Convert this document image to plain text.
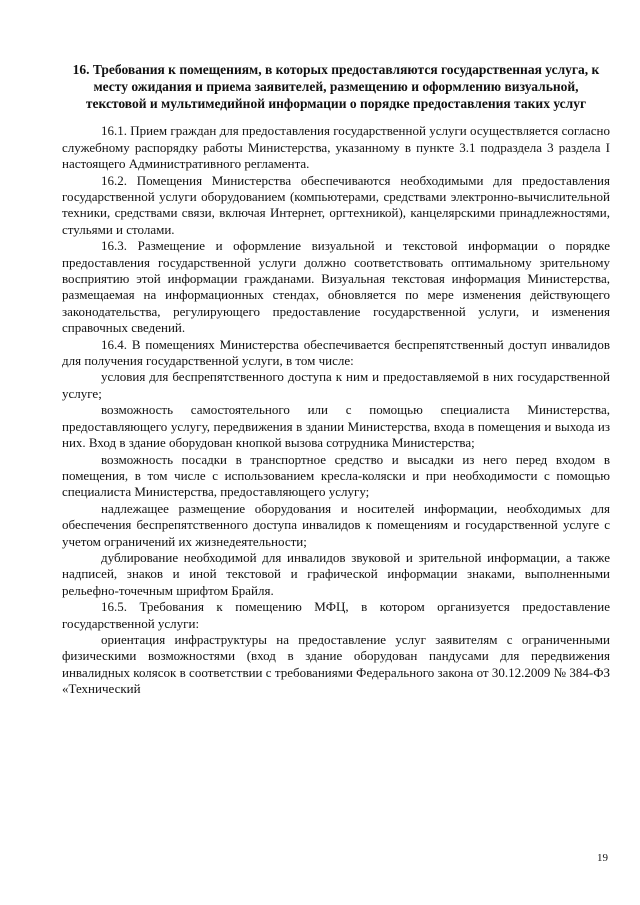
16. Требования к помещениям, в которых предоставляются государственная услуга, к месту ожидания и приема заявителей, размещению и оформлению визуальной, текстовой и мультимедийной информации о порядке предоставления таких услуг

16.1. Прием граждан для предоставления государственной услуги осуществляется согласно служебному распорядку работы Министерства, указанному в пункте 3.1 подраздела 3 раздела I настоящего Административного регламента.

16.2. Помещения Министерства обеспечиваются необходимыми для предоставления государственной услуги оборудованием (компьютерами, средствами электронно-вычислительной техники, средствами связи, включая Интернет, оргтехникой), канцелярскими принадлежностями, стульями и столами.

16.3. Размещение и оформление визуальной и текстовой информации о порядке предоставления государственной услуги должно соответствовать оптимальному зрительному восприятию этой информации гражданами. Визуальная текстовая информация Министерства, размещаемая на информационных стендах, обновляется по мере изменения действующего законодательства, регулирующего предоставление государственной услуги, и изменения справочных сведений.

16.4. В помещениях Министерства обеспечивается беспрепятственный доступ инвалидов для получения государственной услуги, в том числе:

условия для беспрепятственного доступа к ним и предоставляемой в них государственной услуге;

возможность самостоятельного или с помощью специалиста Министерства, предоставляющего услугу, передвижения в здании Министерства, входа в помещения и выхода из них. Вход в здание оборудован кнопкой вызова сотрудника Министерства;

возможность посадки в транспортное средство и высадки из него перед входом в помещения, в том числе с использованием кресла-коляски и при необходимости с помощью специалиста Министерства, предоставляющего услугу;

надлежащее размещение оборудования и носителей информации, необходимых для обеспечения беспрепятственного доступа инвалидов к помещениям и государственной услуге с учетом ограничений их жизнедеятельности;

дублирование необходимой для инвалидов звуковой и зрительной информации, а также надписей, знаков и иной текстовой и графической информации знаками, выполненными рельефно-точечным шрифтом Брайля.

16.5. Требования к помещению МФЦ, в котором организуется предоставление государственной услуги:

ориентация инфраструктуры на предоставление услуг заявителям с ограниченными физическими возможностями (вход в здание оборудован пандусами для передвижения инвалидных колясок в соответствии с требованиями Федерального закона от 30.12.2009 № 384-ФЗ «Технический

19
